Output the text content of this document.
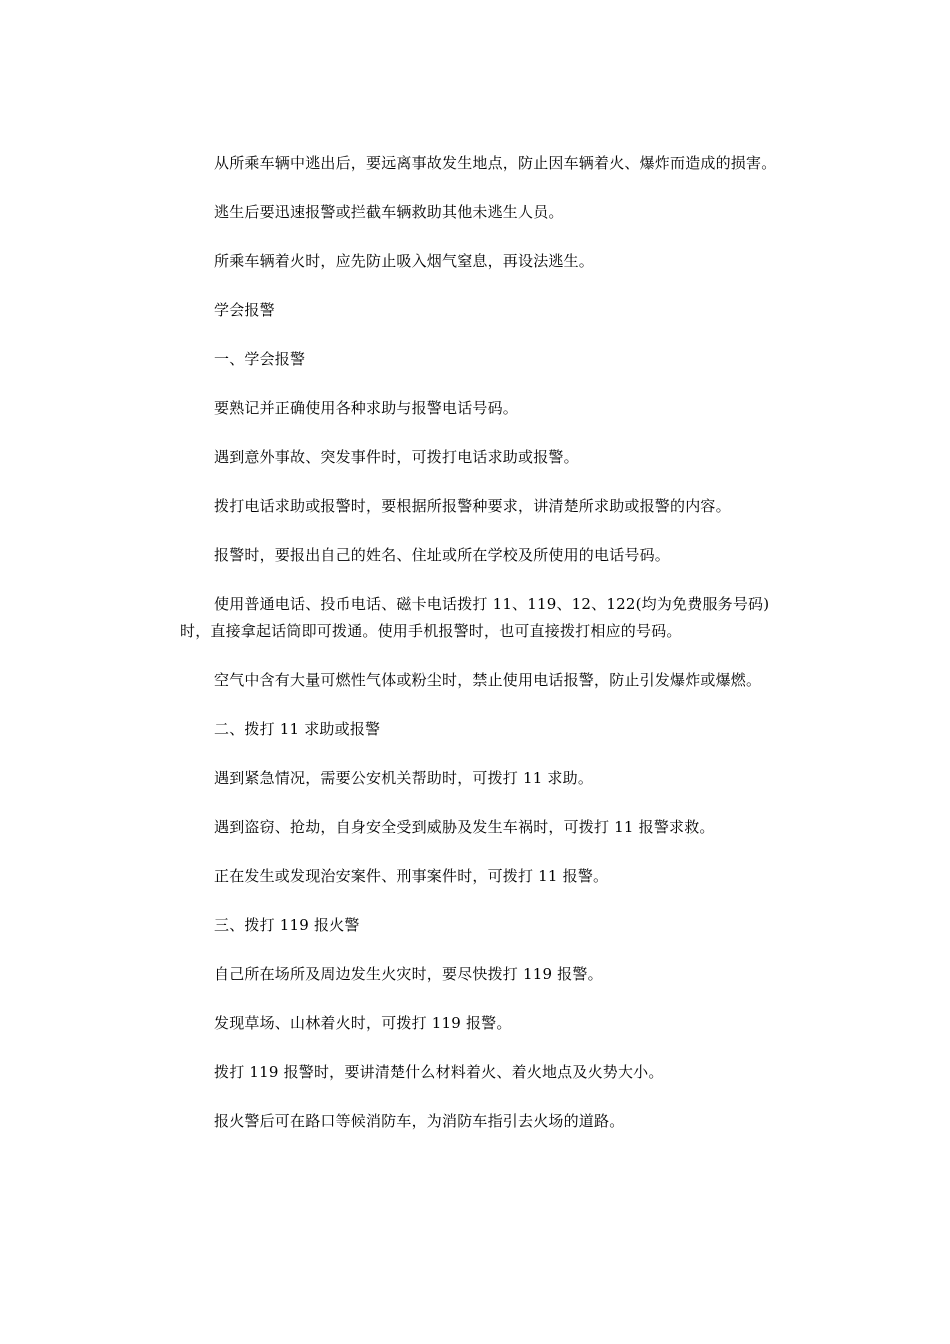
从所乘车辆中逃出后，要远离事故发生地点，防止因车辆着火、爆炸而造成的损害。

逃生后要迅速报警或拦截车辆救助其他未逃生人员。

所乘车辆着火时，应先防止吸入烟气窒息，再设法逃生。

学会报警

一、学会报警

要熟记并正确使用各种求助与报警电话号码。

遇到意外事故、突发事件时，可拨打电话求助或报警。

拨打电话求助或报警时，要根据所报警种要求，讲清楚所求助或报警的内容。

报警时，要报出自己的姓名、住址或所在学校及所使用的电话号码。

使用普通电话、投币电话、磁卡电话拨打 11、119、12、122(均为免费服务号码)时，直接拿起话筒即可拨通。使用手机报警时，也可直接拨打相应的号码。

空气中含有大量可燃性气体或粉尘时，禁止使用电话报警，防止引发爆炸或爆燃。

二、拨打 11 求助或报警

遇到紧急情况，需要公安机关帮助时，可拨打 11 求助。

遇到盗窃、抢劫，自身安全受到威胁及发生车祸时，可拨打 11 报警求救。

正在发生或发现治安案件、刑事案件时，可拨打 11 报警。

三、拨打 119 报火警

自己所在场所及周边发生火灾时，要尽快拨打 119 报警。

发现草场、山林着火时，可拨打 119 报警。

拨打 119 报警时，要讲清楚什么材料着火、着火地点及火势大小。

报火警后可在路口等候消防车，为消防车指引去火场的道路。
